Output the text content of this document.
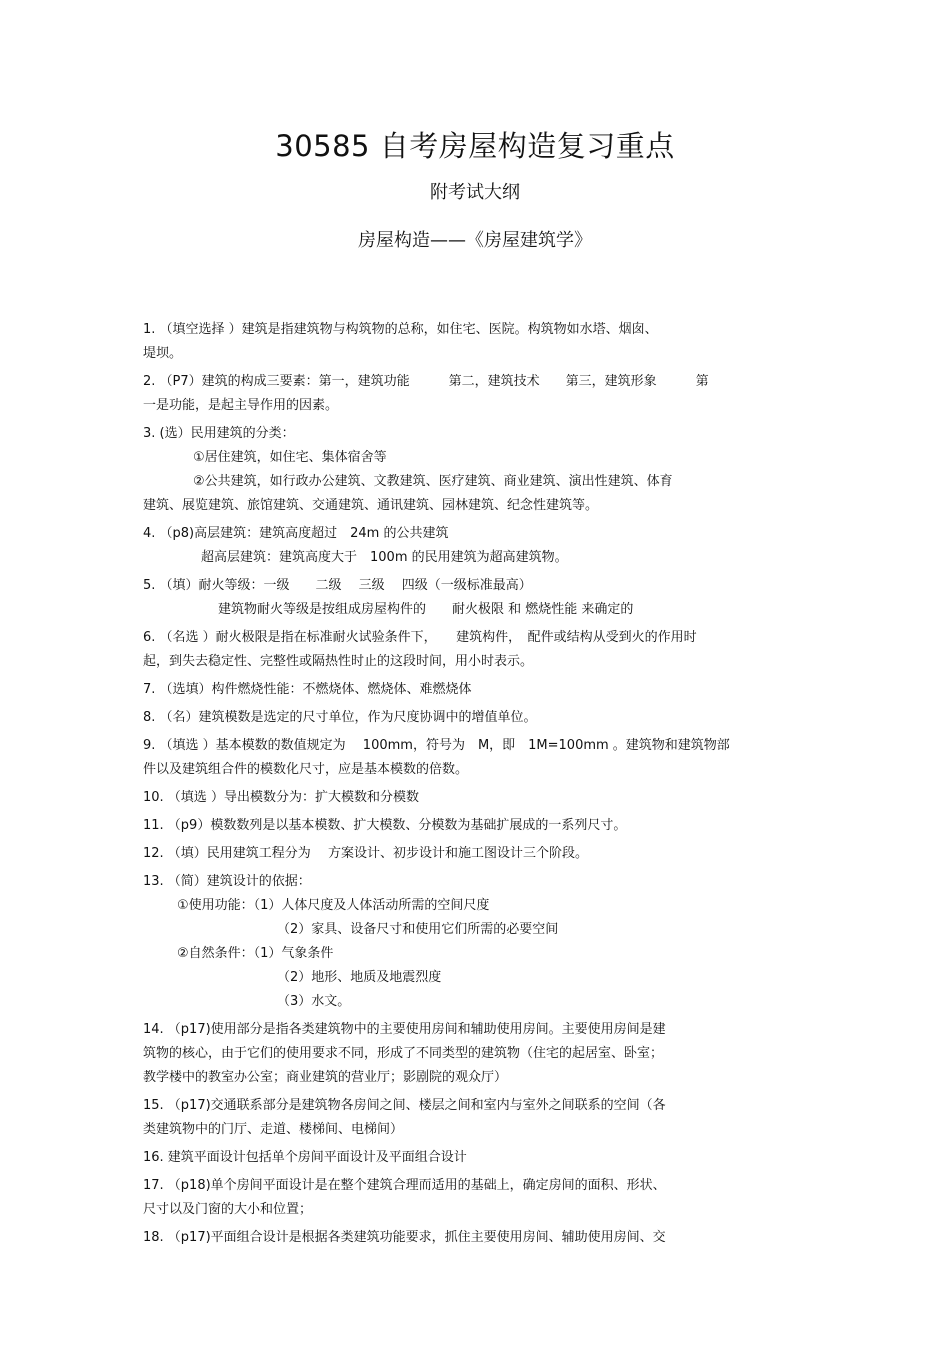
30585 自考房屋构造复习重点
附考试大纲
房屋构造——《房屋建筑学》
1. （填空选择 ）建筑是指建筑物与构筑物的总称，如住宅、医院。构筑物如水塔、烟囱、
堤坝。
2. （P7）建筑的构成三要素：第一，建筑功能　　　第二，建筑技术　　第三，建筑形象　　　第
一是功能，是起主导作用的因素。
3. (选）民用建筑的分类：
①居住建筑，如住宅、集体宿舍等
②公共建筑，如行政办公建筑、文教建筑、医疗建筑、商业建筑、演出性建筑、体育
建筑、展览建筑、旅馆建筑、交通建筑、通讯建筑、园林建筑、纪念性建筑等。
4. （p8)高层建筑：建筑高度超过　24m 的公共建筑
超高层建筑：建筑高度大于　100m 的民用建筑为超高建筑物。
5. （填）耐火等级：一级　　二级　 三级　 四级（一级标准最高）
建筑物耐火等级是按组成房屋构件的　　耐火极限 和 燃烧性能 来确定的
6. （名选 ）耐火极限是指在标准耐火试验条件下，　　建筑构件，　配件或结构从受到火的作用时
起，到失去稳定性、完整性或隔热性时止的这段时间，用小时表示。
7. （选填）构件燃烧性能：不燃烧体、燃烧体、难燃烧体
8. （名）建筑模数是选定的尺寸单位，作为尺度协调中的增值单位。
9. （填选 ）基本模数的数值规定为　 100mm，符号为　M，即　1M=100mm 。建筑物和建筑物部
件以及建筑组合件的模数化尺寸，应是基本模数的倍数。
10. （填选 ）导出模数分为：扩大模数和分模数
11. （p9）模数数列是以基本模数、扩大模数、分模数为基础扩展成的一系列尺寸。
12. （填）民用建筑工程分为　 方案设计、初步设计和施工图设计三个阶段。
13. （简）建筑设计的依据：
①使用功能：（1）人体尺度及人体活动所需的空间尺度
（2）家具、设备尺寸和使用它们所需的必要空间
②自然条件：（1）气象条件
（2）地形、地质及地震烈度
（3）水文。
14. （p17)使用部分是指各类建筑物中的主要使用房间和辅助使用房间。主要使用房间是建
筑物的核心，由于它们的使用要求不同，形成了不同类型的建筑物（住宅的起居室、卧室；
教学楼中的教室办公室；商业建筑的营业厅；影剧院的观众厅）
15. （p17)交通联系部分是建筑物各房间之间、楼层之间和室内与室外之间联系的空间（各
类建筑物中的门厅、走道、楼梯间、电梯间）
16. 建筑平面设计包括单个房间平面设计及平面组合设计
17. （p18)单个房间平面设计是在整个建筑合理而适用的基础上，确定房间的面积、形状、
尺寸以及门窗的大小和位置；
18. （p17)平面组合设计是根据各类建筑功能要求，抓住主要使用房间、辅助使用房间、交
